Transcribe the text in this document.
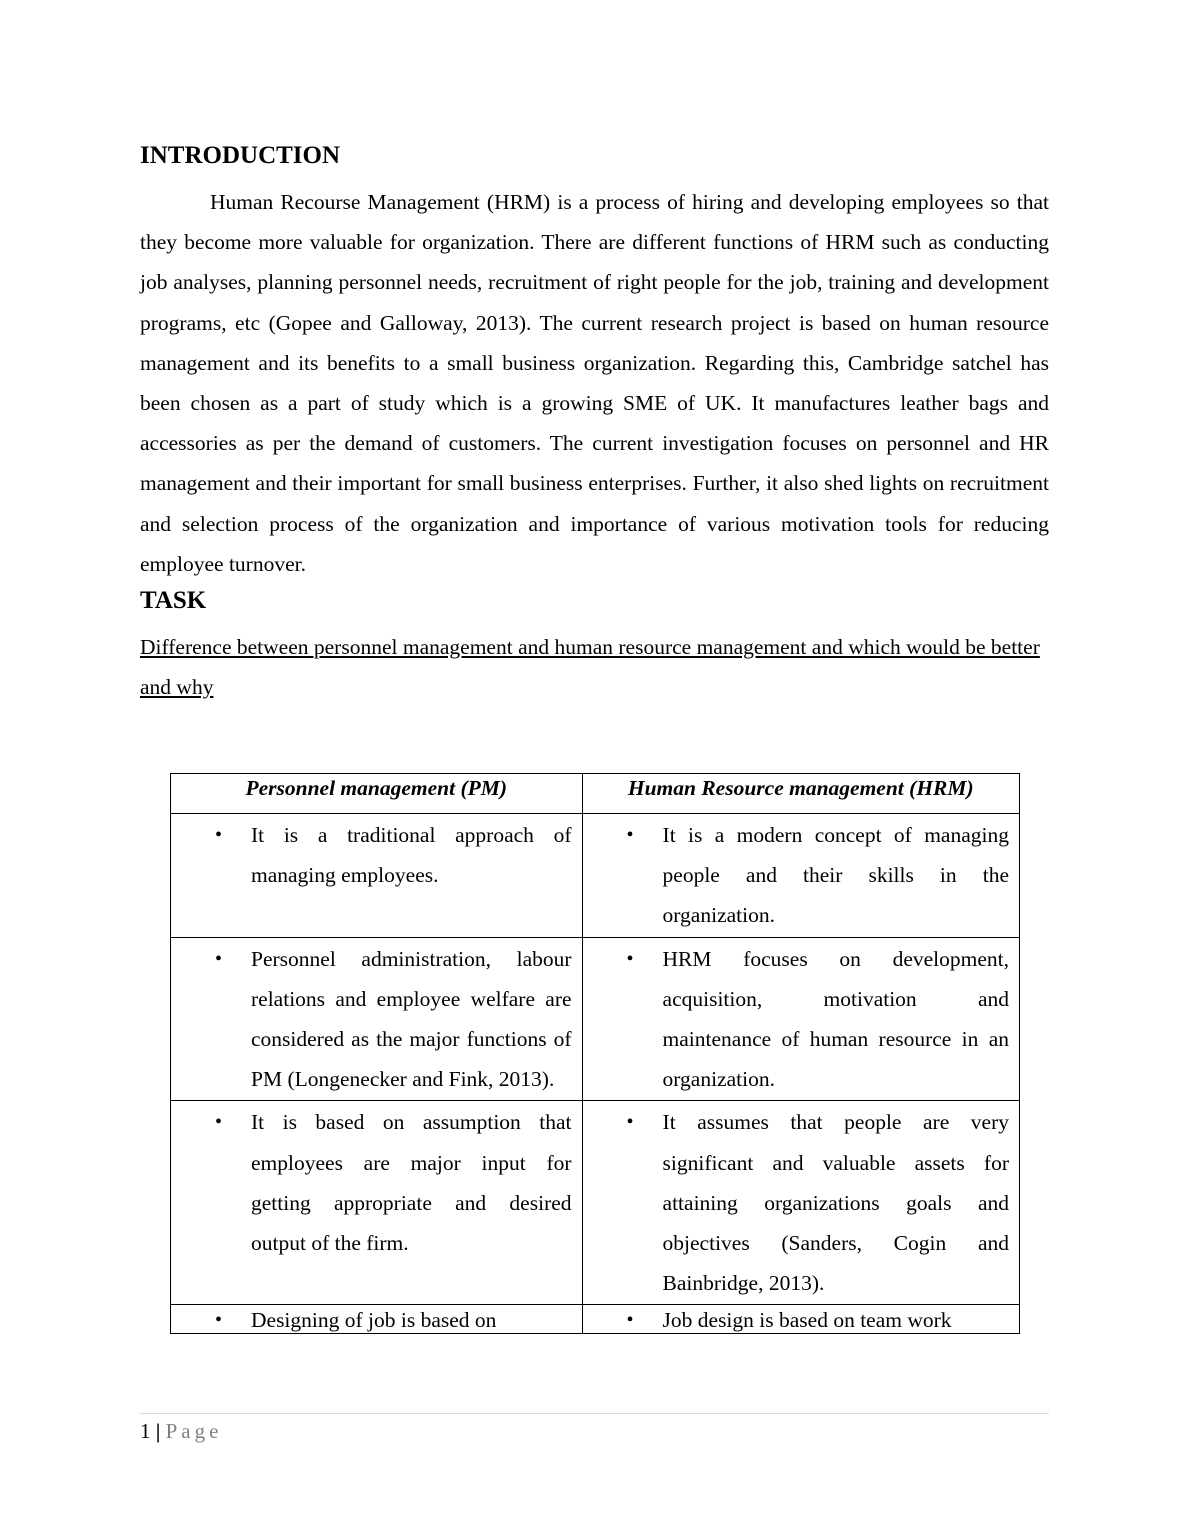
INTRODUCTION

Human Recourse Management (HRM) is a process of hiring and developing employees so that they become more valuable for organization. There are different functions of HRM such as conducting job analyses, planning personnel needs, recruitment of right people for the job, training and development programs, etc (Gopee and Galloway, 2013). The current research project is based on human resource management and its benefits to a small business organization. Regarding this, Cambridge satchel has been chosen as a part of study which is a growing SME of UK. It manufactures leather bags and accessories as per the demand of customers. The current investigation focuses on personnel and HR management and their important for small business enterprises. Further, it also shed lights on recruitment and selection process of the organization and importance of various motivation tools for reducing employee turnover.

TASK

Difference between personnel management and human resource management and which would be better and why

Personnel management (PM)	Human Resource management (HRM)

• It is a traditional approach of managing employees.	• It is a modern concept of managing people and their skills in the organization.

• Personnel administration, labour relations and employee welfare are considered as the major functions of PM (Longenecker and Fink, 2013).	• HRM focuses on development, acquisition, motivation and maintenance of human resource in an organization.

• It is based on assumption that employees are major input for getting appropriate and desired output of the firm.	• It assumes that people are very significant and valuable assets for attaining organizations goals and objectives (Sanders, Cogin and Bainbridge, 2013).

• Designing of job is based on	• Job design is based on team work
1 | Page
